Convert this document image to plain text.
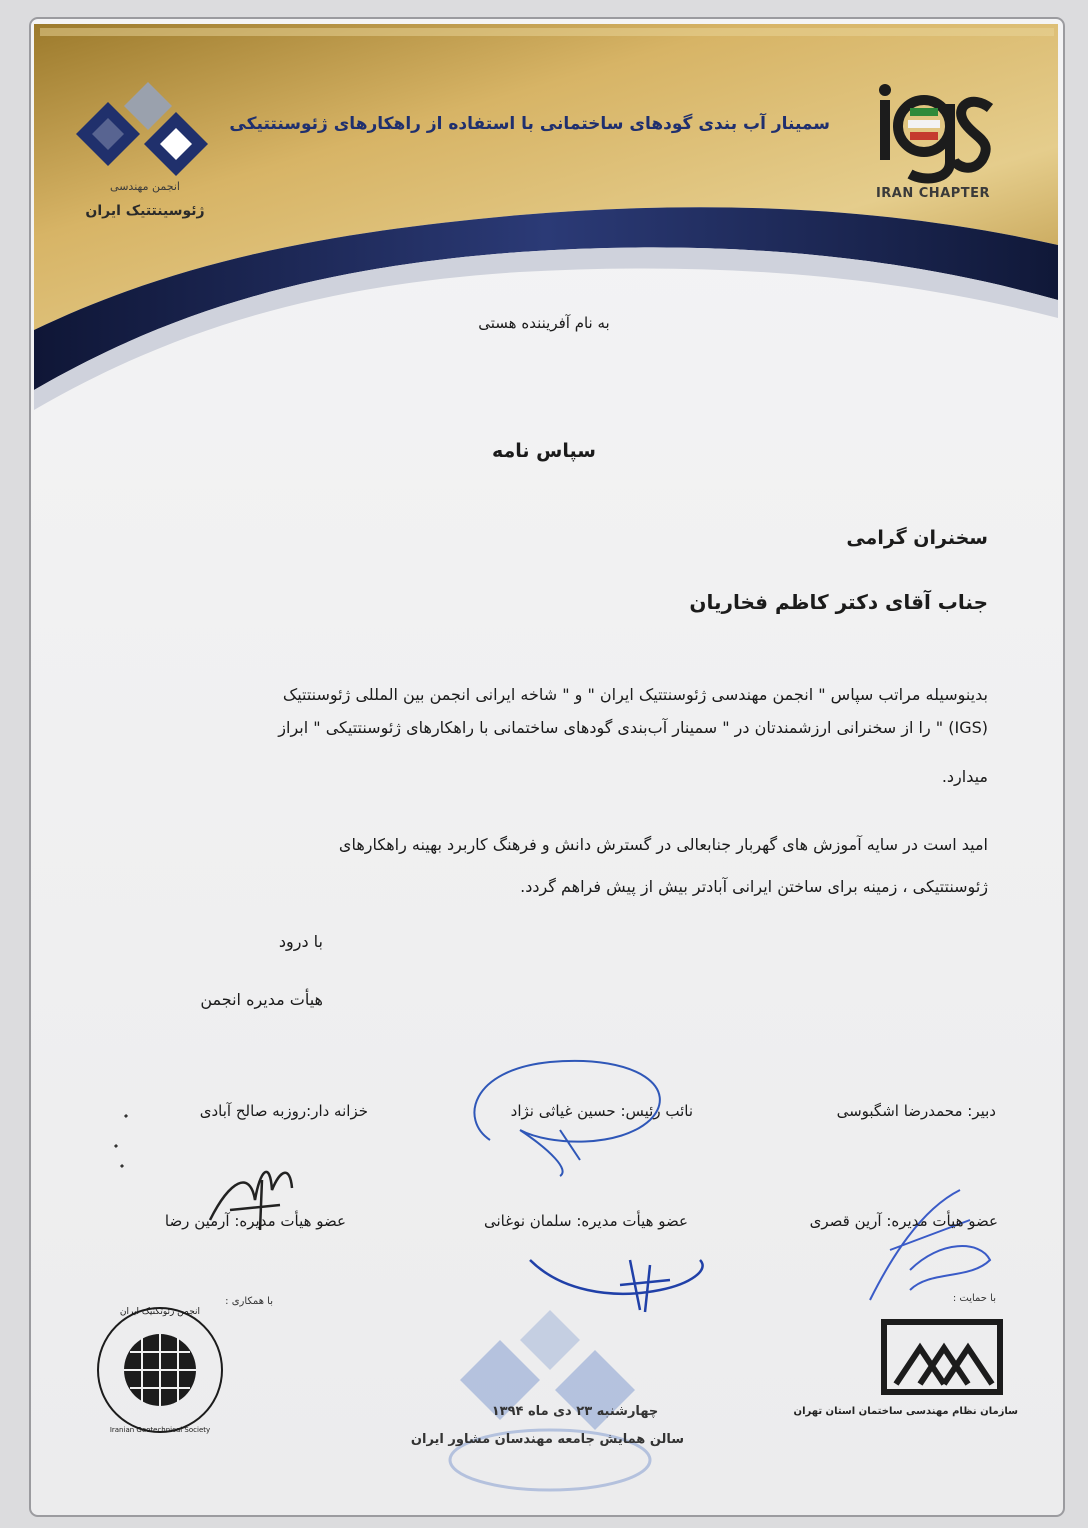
انجمن مهندسی
ژئوسینتتیک ایران
IRAN CHAPTER
سمینار آب بندی گودهای ساختمانی با استفاده از راهکارهای ژئوسنتتیکی
به نام آفریننده هستی
سپاس نامه
سخنران گرامی
جناب آقای دکتر کاظم فخاریان
بدینوسیله مراتب سپاس " انجمن مهندسی ژئوسنتتیک ایران " و " شاخه ایرانی انجمن بین المللی ژئوسنتتیک
(IGS) " را از سخنرانی ارزشمندتان در " سمینار آب‌بندی گودهای ساختمانی با راهکارهای ژئوسنتتیکی " ابراز
میدارد.
امید است در سایه آموزش های گهربار جنابعالی در گسترش دانش و فرهنگ کاربرد بهینه راهکارهای
ژئوسنتتیکی ، زمینه برای ساختن ایرانی آبادتر بیش از پیش فراهم گردد.
با درود
هیأت مدیره انجمن
دبیر: محمدرضا اشگبوسی
نائب رئیس: حسین غیاثی نژاد
خزانه دار:روزبه صالح آبادی
عضو هیأت مدیره: آرین قصری
عضو هیأت مدیره: سلمان نوغانی
عضو هیأت مدیره: آرمین رضا
با حمایت :
با همکاری :
سازمان نظام مهندسی ساختمان استان تهران
انجمن ژئوتکنیک ایران
Iranian Geotechnical Society
چهارشنبه ۲۳ دی ماه ۱۳۹۴
سالن همایش جامعه مهندسان مشاور ایران
